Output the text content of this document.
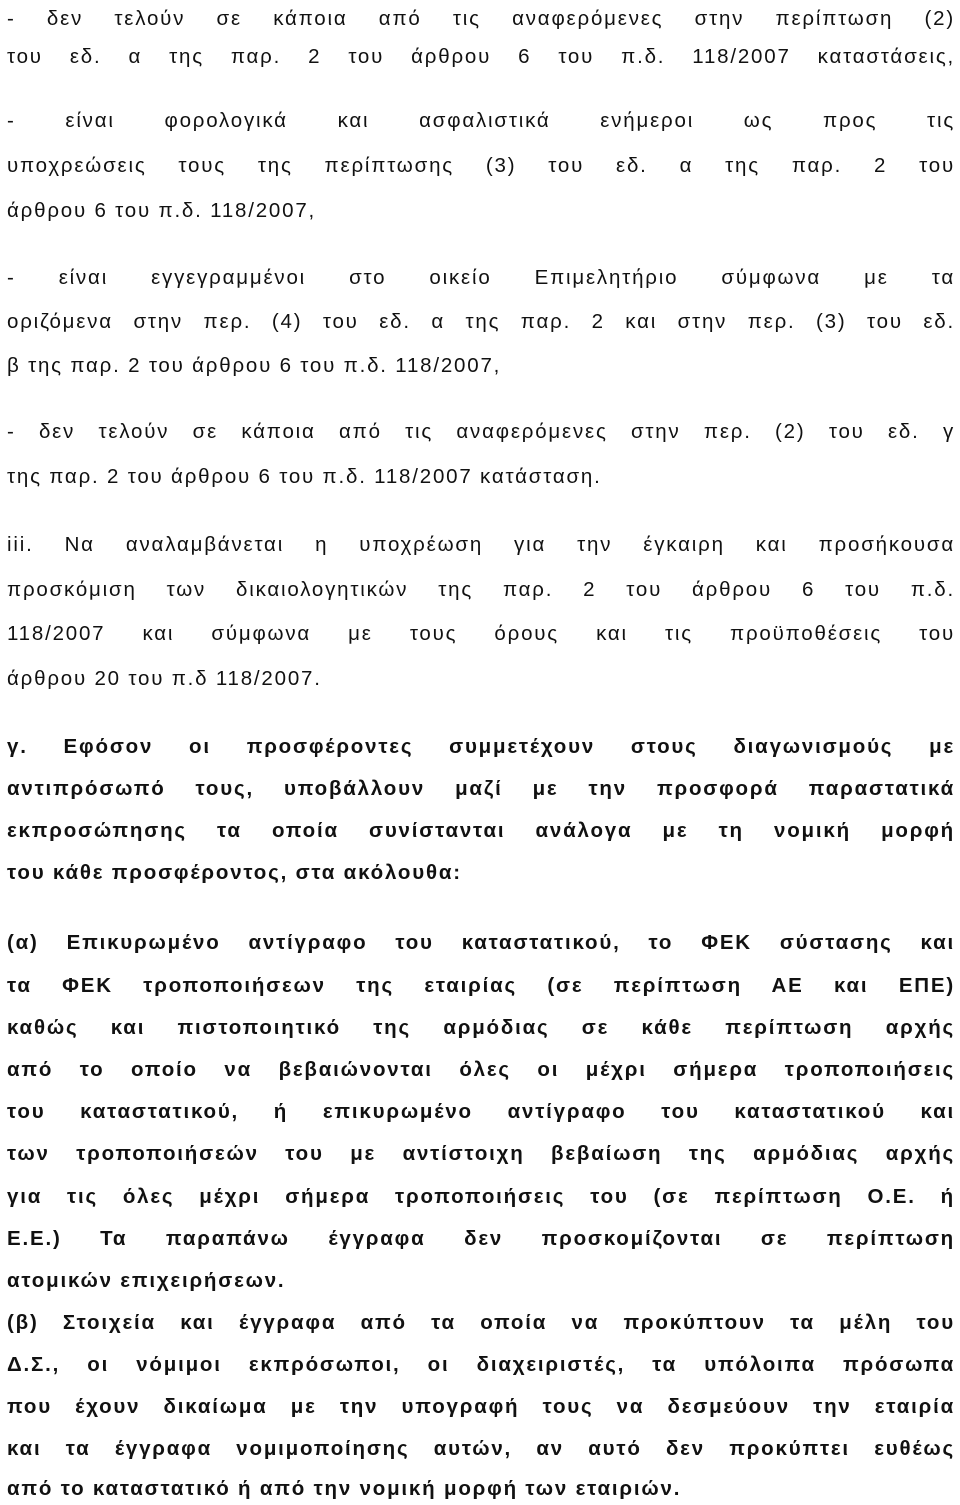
- δεν τελούν σε κάποια από τις αναφερόμενες στην περίπτωση (2)
του εδ. α της παρ. 2 του άρθρου 6 του π.δ. 118/2007 καταστάσεις,
- είναι φορολογικά και ασφαλιστικά ενήμεροι ως προς τις
υποχρεώσεις τους της περίπτωσης (3) του εδ. α της παρ. 2 του
άρθρου 6 του π.δ. 118/2007,
- είναι εγγεγραμμένοι στο οικείο Επιμελητήριο σύμφωνα με τα
οριζόμενα στην περ. (4) του εδ. α της παρ. 2 και στην περ. (3) του εδ.
β της παρ. 2 του άρθρου 6 του π.δ. 118/2007,
- δεν τελούν σε κάποια από τις αναφερόμενες στην περ. (2) του εδ. γ
της παρ. 2 του άρθρου 6 του π.δ. 118/2007 κατάσταση.
iii. Να αναλαμβάνεται η υποχρέωση για την έγκαιρη και προσήκουσα
προσκόμιση των δικαιολογητικών της παρ. 2 του άρθρου 6 του π.δ.
118/2007 και σύμφωνα με τους όρους και τις προϋποθέσεις του
άρθρου 20 του π.δ 118/2007.
γ. Εφόσον οι προσφέροντες συμμετέχουν στους διαγωνισμούς με
αντιπρόσωπό τους, υποβάλλουν μαζί με την προσφορά παραστατικά
εκπροσώπησης τα οποία συνίστανται ανάλογα με τη νομική μορφή
του κάθε προσφέροντος, στα ακόλουθα:
(α) Επικυρωμένο αντίγραφο του καταστατικού, το ΦΕΚ σύστασης και
τα ΦΕΚ τροποποιήσεων της εταιρίας (σε περίπτωση ΑΕ και ΕΠΕ)
καθώς και πιστοποιητικό της αρμόδιας σε κάθε περίπτωση αρχής
από το οποίο να βεβαιώνονται όλες οι μέχρι σήμερα τροποποιήσεις
του καταστατικού, ή επικυρωμένο αντίγραφο του καταστατικού και
των τροποποιήσεών του με αντίστοιχη βεβαίωση της αρμόδιας αρχής
για τις όλες μέχρι σήμερα τροποποιήσεις του (σε περίπτωση Ο.Ε. ή
Ε.Ε.) Τα παραπάνω έγγραφα δεν προσκομίζονται σε περίπτωση
ατομικών επιχειρήσεων.
(β) Στοιχεία και έγγραφα από τα οποία να προκύπτουν τα μέλη του
Δ.Σ., οι νόμιμοι εκπρόσωποι, οι διαχειριστές, τα υπόλοιπα πρόσωπα
που έχουν δικαίωμα με την υπογραφή τους να δεσμεύουν την εταιρία
και τα έγγραφα νομιμοποίησης αυτών, αν αυτό δεν προκύπτει ευθέως
από το καταστατικό ή από την νομική μορφή των εταιριών.
